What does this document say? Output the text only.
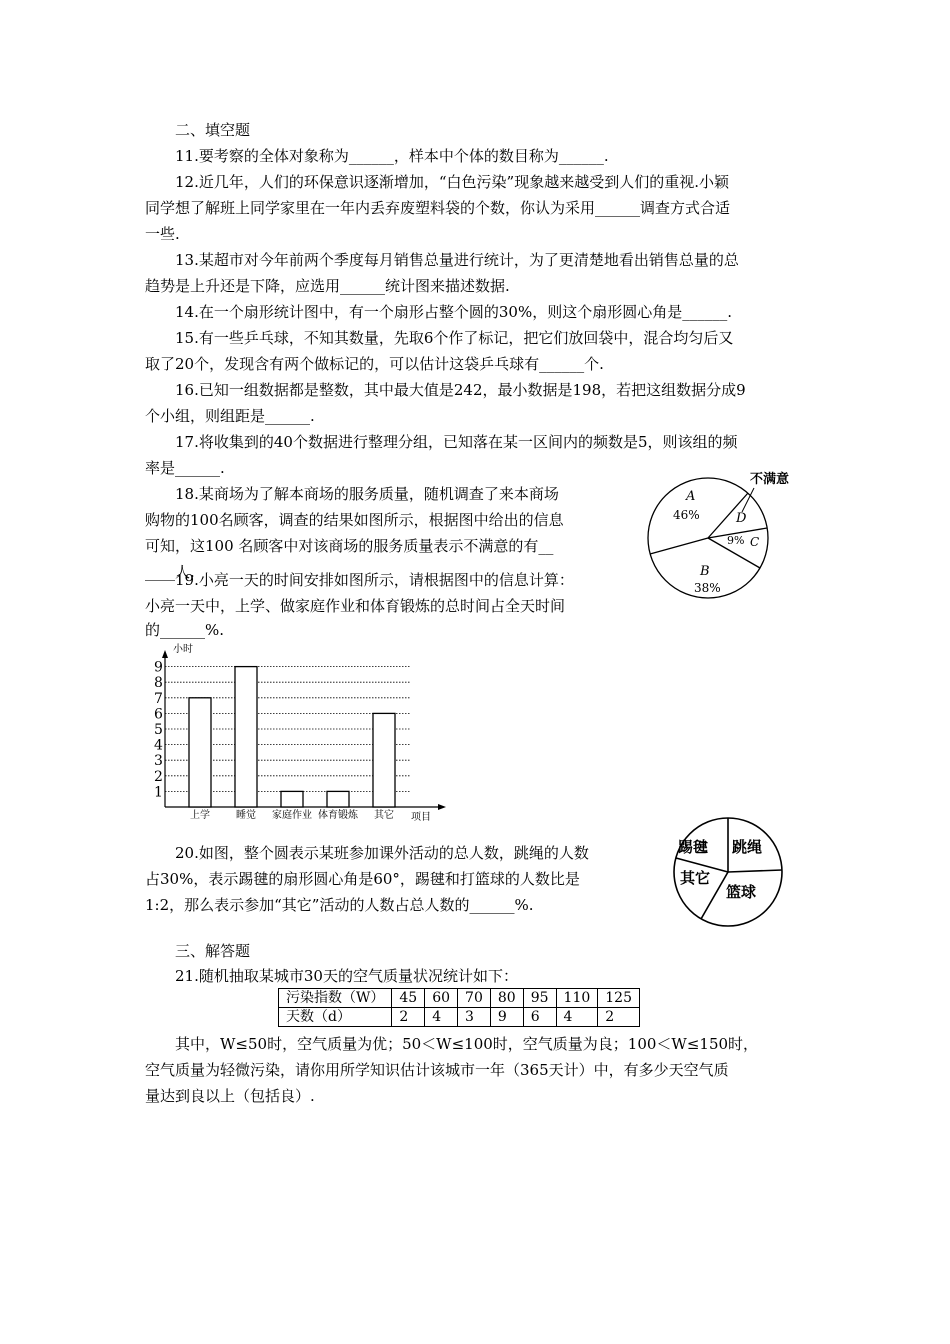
二、填空题
11.要考察的全体对象称为______，样本中个体的数目称为______.
12.近几年，人们的环保意识逐渐增加，“白色污染”现象越来越受到人们的重视.小颖
同学想了解班上同学家里在一年内丢弃废塑料袋的个数，你认为采用______调查方式合适
一些.
13.某超市对今年前两个季度每月销售总量进行统计，为了更清楚地看出销售总量的总
趋势是上升还是下降，应选用______统计图来描述数据.
14.在一个扇形统计图中，有一个扇形占整个圆的30%，则这个扇形圆心角是______.
15.有一些乒乓球，不知其数量，先取6个作了标记，把它们放回袋中，混合均匀后又
取了20个，发现含有两个做标记的，可以估计这袋乒乓球有______个.
16.已知一组数据都是整数，其中最大值是242，最小数据是198，若把这组数据分成9
个小组，则组距是______.
17.将收集到的40个数据进行整理分组，已知落在某一区间内的频数是5，则该组的频
率是______.
18.某商场为了解本商场的服务质量，随机调查了来本商场
购物的100名顾客，调查的结果如图所示，根据图中给出的信息
可知，这100 名顾客中对该商场的服务质量表示不满意的有__
____人.
A
46%
B
38%
C
9%
D
不满意
19.小亮一天的时间安排如图所示，请根据图中的信息计算：
小亮一天中，上学、做家庭作业和体育锻炼的总时间占全天时间
的______%.
小时
项目
1
2
3
4
5
6
7
8
9
上学	睡觉 家庭作业 体育锻炼 其它
20.如图，整个圆表示某班参加课外活动的总人数，跳绳的人数
占30%，表示踢毽的扇形圆心角是60°，踢毽和打篮球的人数比是
1:2，那么表示参加“其它”活动的人数占总人数的______%.
踢毽 跳绳
其它
篮球
三、解答题
21.随机抽取某城市30天的空气质量状况统计如下：
污染指数（W）	45	60	70	80	95	110	125
天数（d）	2	4	3	9	6	4	2
其中，W≤50时，空气质量为优；50＜W≤100时，空气质量为良；100＜W≤150时，
空气质量为轻微污染，请你用所学知识估计该城市一年（365天计）中，有多少天空气质
量达到良以上（包括良）.
